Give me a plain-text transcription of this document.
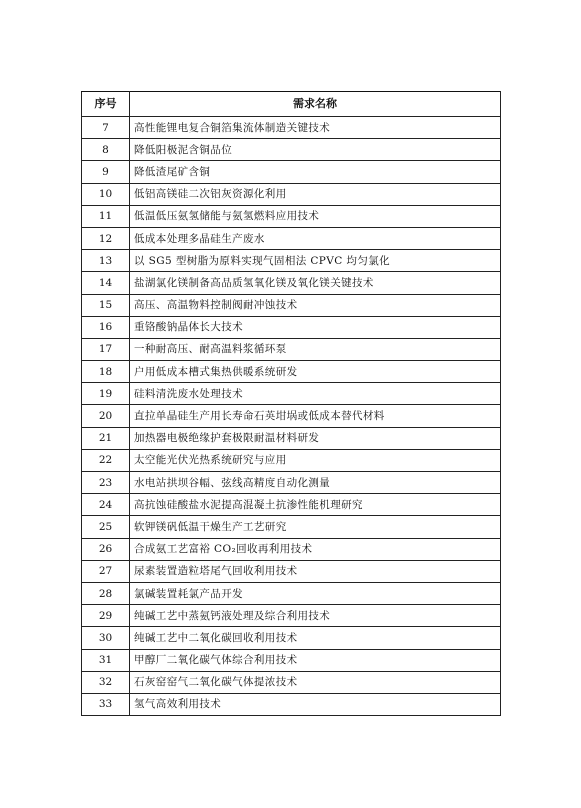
序号	需求名称
7	高性能锂电复合铜箔集流体制造关键技术
8	降低阳极泥含铜品位
9	降低渣尾矿含铜
10	低铝高镁硅二次铝灰资源化利用
11	低温低压氨氢储能与氨氢燃料应用技术
12	低成本处理多晶硅生产废水
13	以 SG5 型树脂为原料实现气固相法 CPVC 均匀氯化
14	盐湖氯化镁制备高品质氢氧化镁及氧化镁关键技术
15	高压、高温物料控制阀耐冲蚀技术
16	重铬酸钠晶体长大技术
17	一种耐高压、耐高温料浆循环泵
18	户用低成本槽式集热供暖系统研发
19	硅料清洗废水处理技术
20	直拉单晶硅生产用长寿命石英坩埚或低成本替代材料
21	加热器电极绝缘护套极限耐温材料研发
22	太空能光伏光热系统研究与应用
23	水电站拱坝谷幅、弦线高精度自动化测量
24	高抗蚀硅酸盐水泥提高混凝土抗渗性能机理研究
25	软钾镁矾低温干燥生产工艺研究
26	合成氨工艺富裕 CO₂回收再利用技术
27	尿素装置造粒塔尾气回收利用技术
28	氯碱装置耗氯产品开发
29	纯碱工艺中蒸氨钙液处理及综合利用技术
30	纯碱工艺中二氧化碳回收利用技术
31	甲醇厂二氧化碳气体综合利用技术
32	石灰窑窑气二氧化碳气体提浓技术
33	氢气高效利用技术
